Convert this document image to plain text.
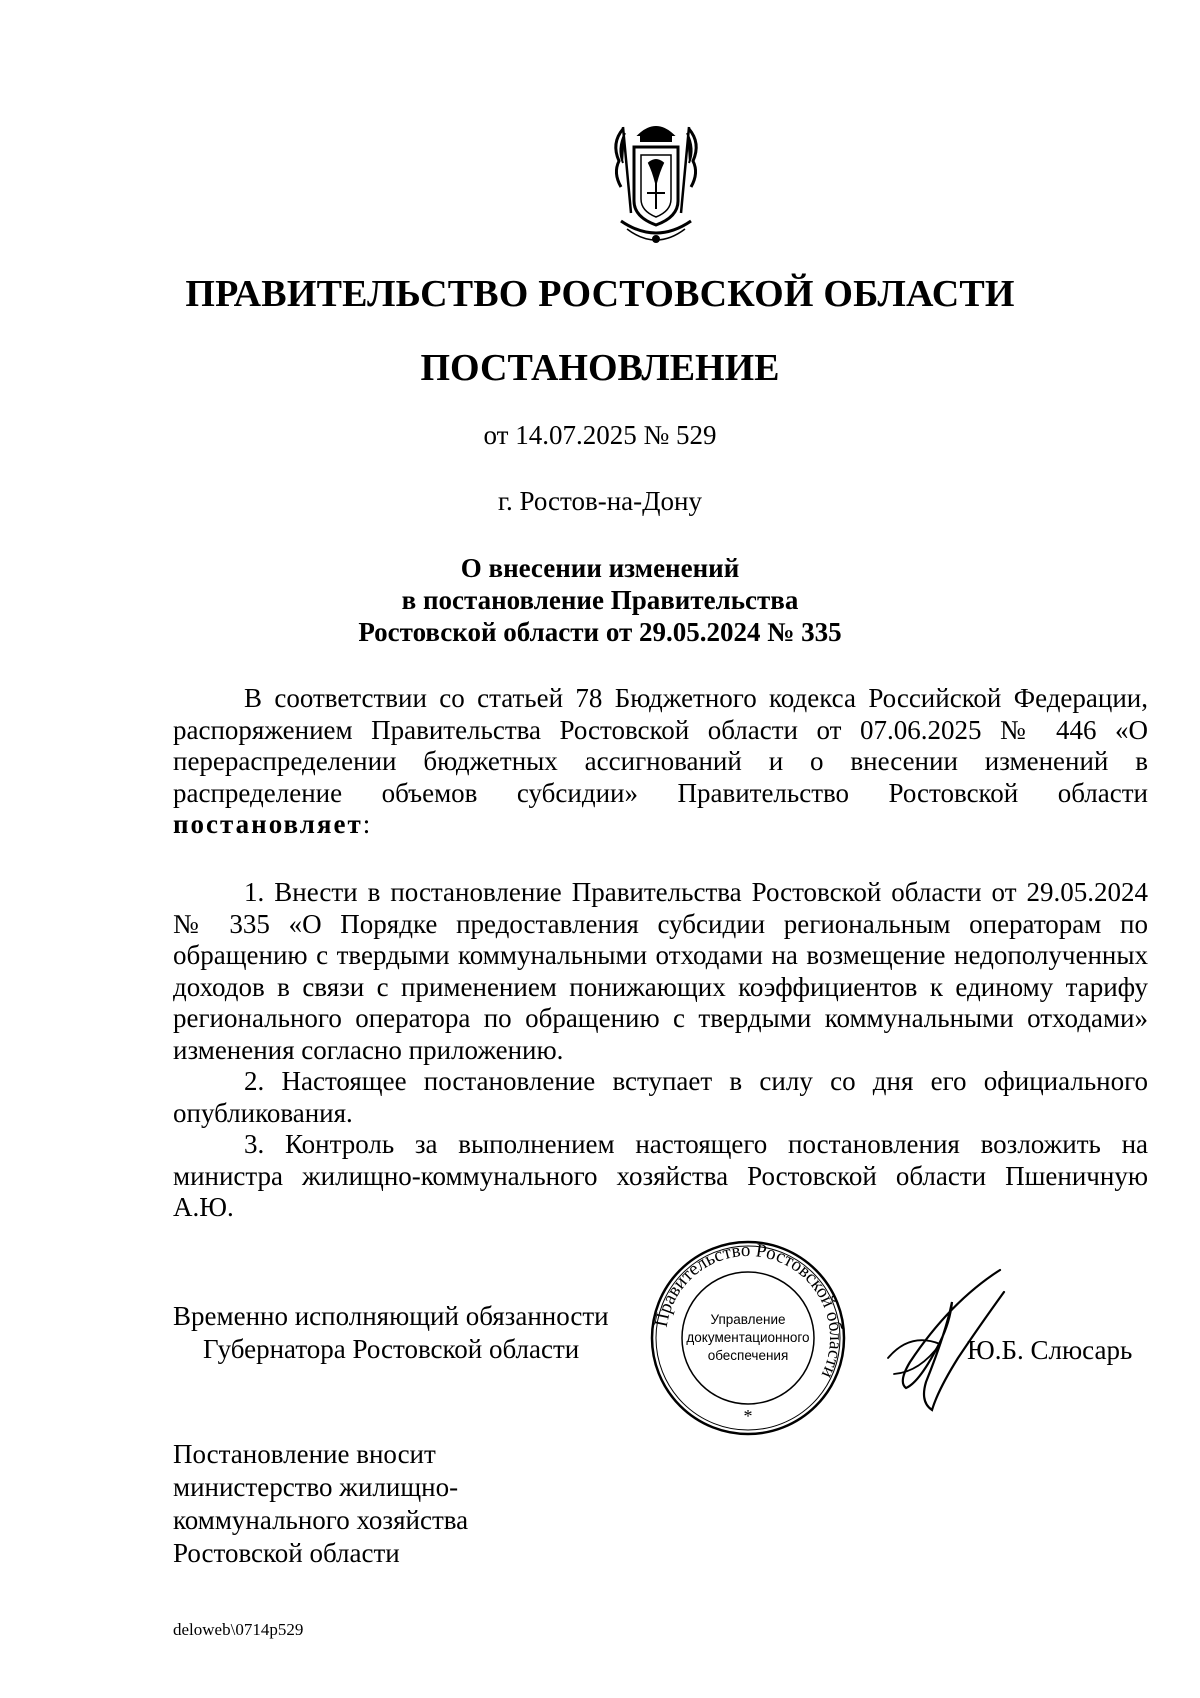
ПРАВИТЕЛЬСТВО РОСТОВСКОЙ ОБЛАСТИ
ПОСТАНОВЛЕНИЕ
от 14.07.2025 № 529
г. Ростов-на-Дону
О внесении изменений
в постановление Правительства
Ростовской области от 29.05.2024 № 335

В соответствии со статьей 78 Бюджетного кодекса Российской Федерации, распоряжением Правительства Ростовской области от 07.06.2025 № 446 «О перераспределении бюджетных ассигнований и о внесении изменений в распределение объемов субсидии» Правительство Ростовской области постановляет:

1. Внести в постановление Правительства Ростовской области от 29.05.2024 № 335 «О Порядке предоставления субсидии региональным операторам по обращению с твердыми коммунальными отходами на возмещение недополученных доходов в связи с применением понижающих коэффициентов к единому тарифу регионального оператора по обращению с твердыми коммунальными отходами» изменения согласно приложению.

2. Настоящее постановление вступает в силу со дня его официального опубликования.

3. Контроль за выполнением настоящего постановления возложить на министра жилищно-коммунального хозяйства Ростовской области Пшеничную А.Ю.

Временно исполняющий обязанности
Губернатора Ростовской области
Правительство Ростовской области
Управление
документационного
обеспечения
*
Ю.Б. Слюсарь
Постановление вносит
министерство жилищно-
коммунального хозяйства
Ростовской области
deloweb\0714p529
